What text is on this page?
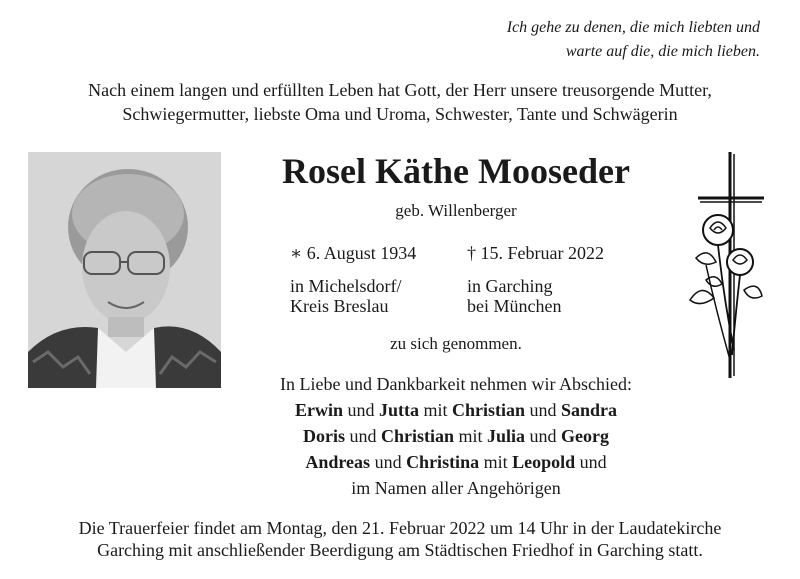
Ich gehe zu denen, die mich liebten und
warte auf die, die mich lieben.
Nach einem langen und erfüllten Leben hat Gott, der Herr unsere treusorgende Mutter,
Schwiegermutter, liebste Oma und Uroma, Schwester, Tante und Schwägerin
Rosel Käthe Mooseder
geb. Willenberger
∗ 6. August 1934
in Michelsdorf/
Kreis Breslau
† 15. Februar 2022
in Garching
bei München
zu sich genommen.
In Liebe und Dankbarkeit nehmen wir Abschied:
Erwin und Jutta mit Christian und Sandra
Doris und Christian mit Julia und Georg
Andreas und Christina mit Leopold und
im Namen aller Angehörigen
Die Trauerfeier findet am Montag, den 21. Februar 2022 um 14 Uhr in der Laudatekirche
Garching mit anschließender Beerdigung am Städtischen Friedhof in Garching statt.
